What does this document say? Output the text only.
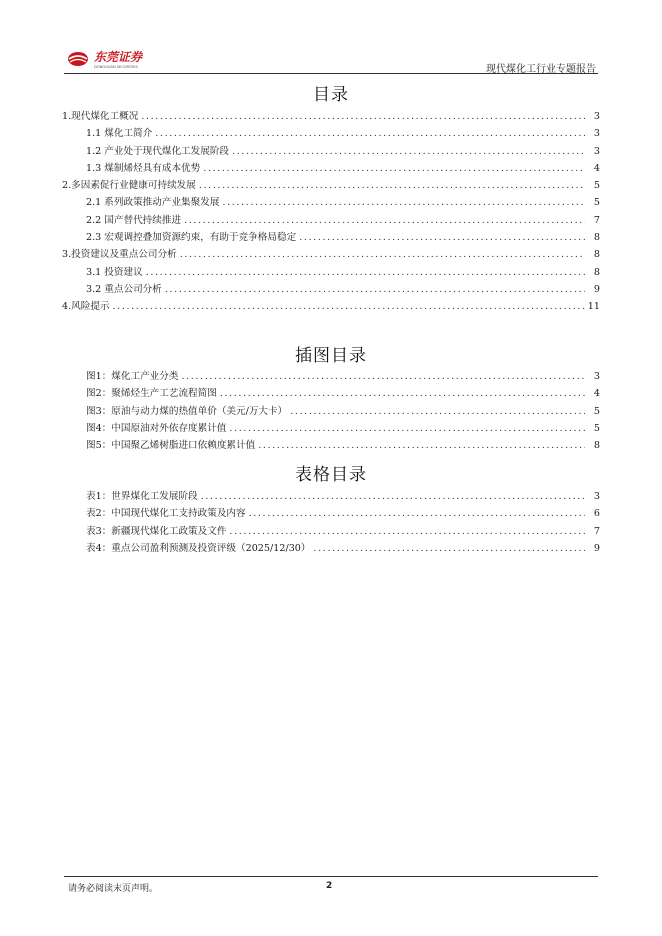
东莞证券
DONGGUAN SECURITIES	现代煤化工行业专题报告
目录
1.现代煤化工概况 .....	3
1.1 煤化工简介 .....	3
1.2 产业处于现代煤化工发展阶段 .....	3
1.3 煤制烯烃具有成本优势 .....	4
2.多因素促行业健康可持续发展 .....	5
2.1 系列政策推动产业集聚发展 .....	5
2.2 国产替代持续推进 .....	7
2.3 宏观调控叠加资源约束，有助于竞争格局稳定 .....	8
3.投资建议及重点公司分析 .....	8
3.1 投资建议 .....	8
3.2 重点公司分析 .....	9
4.风险提示 .....	11
插图目录
图1：煤化工产业分类 .....	3
图2：聚烯烃生产工艺流程简图 .....	4
图3：原油与动力煤的热值单价（美元/万大卡） .....	5
图4：中国原油对外依存度累计值 .....	5
图5：中国聚乙烯树脂进口依赖度累计值 .....	8
表格目录
表1：世界煤化工发展阶段 .....	3
表2：中国现代煤化工支持政策及内容 .....	6
表3：新疆现代煤化工政策及文件 .....	7
表4：重点公司盈利预测及投资评级（2025/12/30） .....	9
请务必阅读末页声明。	2
